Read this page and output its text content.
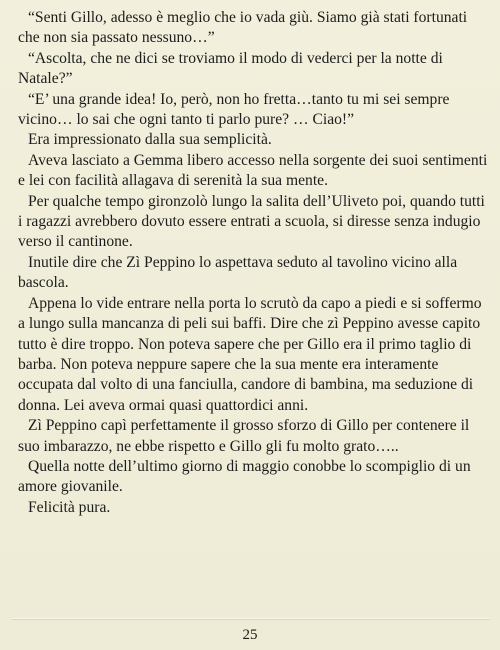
“Senti Gillo, adesso è meglio che io vada giù. Siamo già stati fortunati che non sia passato nessuno…”

“Ascolta, che ne dici se troviamo il modo di vederci per la notte di Natale?”

“E’ una grande idea! Io, però, non ho fretta…tanto tu mi sei sempre vicino… lo sai che ogni tanto ti parlo pure? … Ciao!”

Era impressionato dalla sua semplicità.

Aveva lasciato a Gemma libero accesso nella sorgente dei suoi sentimenti e lei con facilità allagava di serenità la sua mente.

Per qualche tempo gironzolò lungo la salita dell’Uliveto poi, quando tutti i ragazzi avrebbero dovuto essere entrati a scuola, si diresse senza indugio verso il cantinone.

Inutile dire che Zì Peppino lo aspettava seduto al tavolino vicino alla bascola.

Appena lo vide entrare nella porta lo scrutò da capo a piedi e si soffermo a lungo sulla mancanza di peli sui baffi. Dire che zì Peppino avesse capito tutto è dire troppo. Non poteva sapere che per Gillo era il primo taglio di barba. Non poteva neppure sapere che la sua mente era interamente occupata dal volto di una fanciulla, candore di bambina, ma seduzione di donna. Lei aveva ormai quasi quattordici anni.

Zì Peppino capì perfettamente il grosso sforzo di Gillo per contenere il suo imbarazzo, ne ebbe rispetto e Gillo gli fu molto grato…..

Quella notte dell’ultimo giorno di maggio conobbe lo scompiglio di un amore giovanile.

Felicità pura.

25
